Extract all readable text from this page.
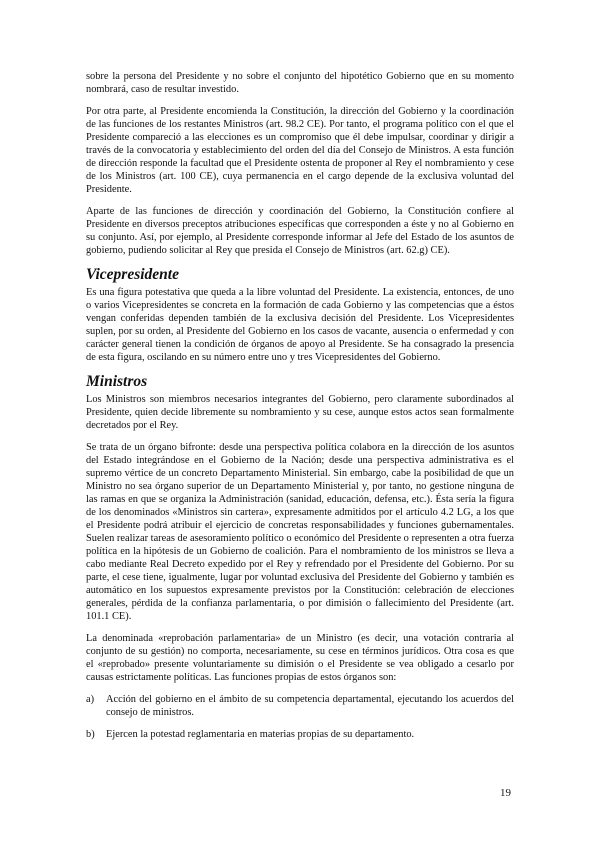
sobre la persona del Presidente y no sobre el conjunto del hipotético Gobierno que en su momento nombrará, caso de resultar investido.

Por otra parte, al Presidente encomienda la Constitución, la dirección del Gobierno y la coordinación de las funciones de los restantes Ministros (art. 98.2 CE). Por tanto, el programa político con el que el Presidente compareció a las elecciones es un compromiso que él debe impulsar, coordinar y dirigir a través de la convocatoria y establecimiento del orden del día del Consejo de Ministros. A esta función de dirección responde la facultad que el Presidente ostenta de proponer al Rey el nombramiento y cese de los Ministros (art. 100 CE), cuya permanencia en el cargo depende de la exclusiva voluntad del Presidente.

Aparte de las funciones de dirección y coordinación del Gobierno, la Constitución confiere al Presidente en diversos preceptos atribuciones específicas que corresponden a éste y no al Gobierno en su conjunto. Así, por ejemplo, al Presidente corresponde informar al Jefe del Estado de los asuntos de gobierno, pudiendo solicitar al Rey que presida el Consejo de Ministros (art. 62.g) CE).

Vicepresidente

Es una figura potestativa que queda a la libre voluntad del Presidente. La existencia, entonces, de uno o varios Vicepresidentes se concreta en la formación de cada Gobierno y las competencias que a éstos vengan conferidas dependen también de la exclusiva decisión del Presidente. Los Vicepresidentes suplen, por su orden, al Presidente del Gobierno en los casos de vacante, ausencia o enfermedad y con carácter general tienen la condición de órganos de apoyo al Presidente. Se ha consagrado la presencia de esta figura, oscilando en su número entre uno y tres Vicepresidentes del Gobierno.

Ministros

Los Ministros son miembros necesarios integrantes del Gobierno, pero claramente subordinados al Presidente, quien decide libremente su nombramiento y su cese, aunque estos actos sean formalmente decretados por el Rey.

Se trata de un órgano bifronte: desde una perspectiva política colabora en la dirección de los asuntos del Estado integrándose en el Gobierno de la Nación; desde una perspectiva administrativa es el supremo vértice de un concreto Departamento Ministerial. Sin embargo, cabe la posibilidad de que un Ministro no sea órgano superior de un Departamento Ministerial y, por tanto, no gestione ninguna de las ramas en que se organiza la Administración (sanidad, educación, defensa, etc.). Ésta sería la figura de los denominados «Ministros sin cartera», expresamente admitidos por el artículo 4.2 LG, a los que el Presidente podrá atribuir el ejercicio de concretas responsabilidades y funciones gubernamentales. Suelen realizar tareas de asesoramiento político o económico del Presidente o representen a otra fuerza política en la hipótesis de un Gobierno de coalición. Para el nombramiento de los ministros se lleva a cabo mediante Real Decreto expedido por el Rey y refrendado por el Presidente del Gobierno. Por su parte, el cese tiene, igualmente, lugar por voluntad exclusiva del Presidente del Gobierno y también es automático en los supuestos expresamente previstos por la Constitución: celebración de elecciones generales, pérdida de la confianza parlamentaria, o por dimisión o fallecimiento del Presidente (art. 101.1 CE).

La denominada «reprobación parlamentaria» de un Ministro (es decir, una votación contraria al conjunto de su gestión) no comporta, necesariamente, su cese en términos jurídicos. Otra cosa es que el «reprobado» presente voluntariamente su dimisión o el Presidente se vea obligado a cesarlo por causas estrictamente políticas. Las funciones propias de estos órganos son:

a) Acción del gobierno en el ámbito de su competencia departamental, ejecutando los acuerdos del consejo de ministros.
b) Ejercen la potestad reglamentaria en materias propias de su departamento.
19
